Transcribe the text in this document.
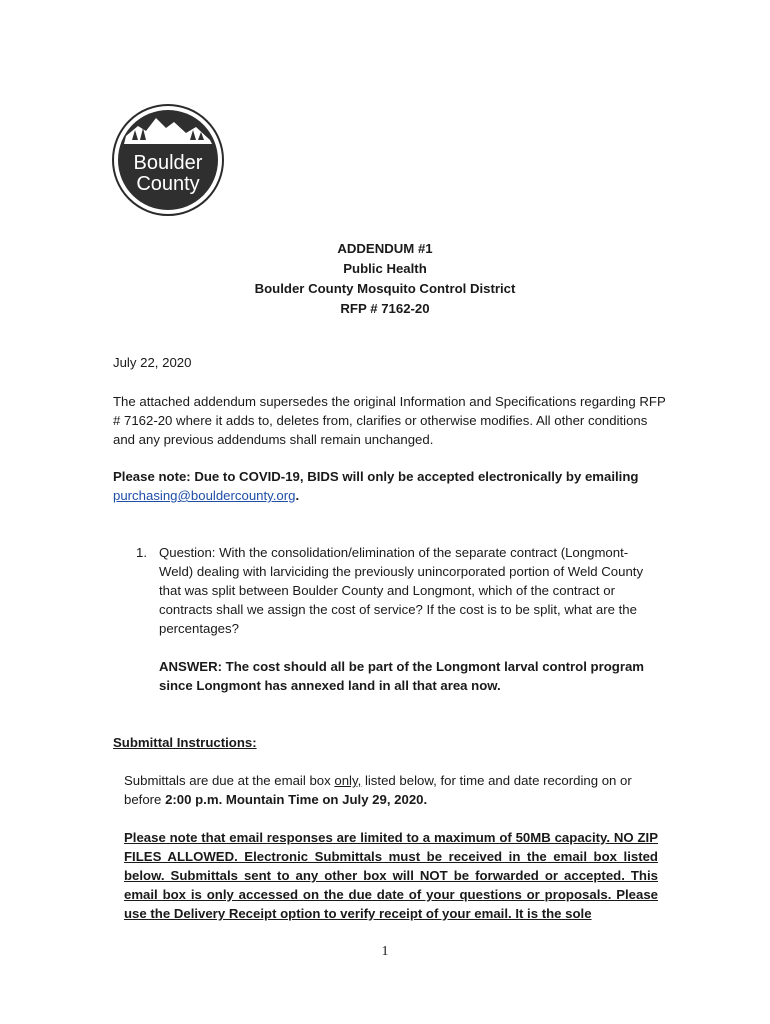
Boulder
County
ADDENDUM #1
Public Health
Boulder County Mosquito Control District
RFP # 7162-20
July 22, 2020
The attached addendum supersedes the original Information and Specifications regarding RFP # 7162-20 where it adds to, deletes from, clarifies or otherwise modifies. All other conditions and any previous addendums shall remain unchanged.
Please note: Due to COVID-19, BIDS will only be accepted electronically by emailing
purchasing@bouldercounty.org.
1. Question: With the consolidation/elimination of the separate contract (Longmont-Weld) dealing with larviciding the previously unincorporated portion of Weld County that was split between Boulder County and Longmont, which of the contract or contracts shall we assign the cost of service? If the cost is to be split, what are the percentages?
ANSWER: The cost should all be part of the Longmont larval control program since Longmont has annexed land in all that area now.
Submittal Instructions:
Submittals are due at the email box only, listed below, for time and date recording on or before 2:00 p.m. Mountain Time on July 29, 2020.
Please note that email responses are limited to a maximum of 50MB capacity. NO ZIP FILES ALLOWED. Electronic Submittals must be received in the email box listed below. Submittals sent to any other box will NOT be forwarded or accepted. This email box is only accessed on the due date of your questions or proposals. Please use the Delivery Receipt option to verify receipt of your email. It is the sole
1
